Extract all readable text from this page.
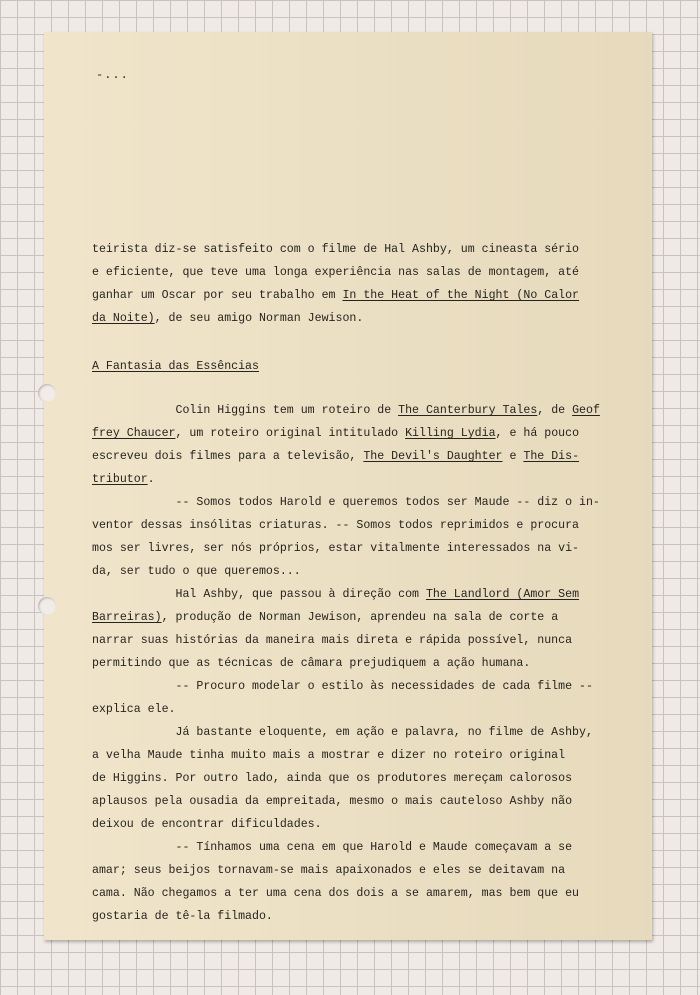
-...
teirista diz-se satisfeito com o filme de Hal Ashby, um cineasta sério
e eficiente, que teve uma longa experiência nas salas de montagem, até
ganhar um Oscar por seu trabalho em In the Heat of the Night (No Calor
da Noite), de seu amigo Norman Jewison.
A Fantasia das Essências
Colin Higgins tem um roteiro de The Canterbury Tales, de Geof
frey Chaucer, um roteiro original intitulado Killing Lydia, e há pouco
escreveu dois filmes para a televisão, The Devil's Daughter e The Dis-
tributor.
-- Somos todos Harold e queremos todos ser Maude -- diz o in-
ventor dessas insólitas criaturas. -- Somos todos reprimidos e procura
mos ser livres, ser nós próprios, estar vitalmente interessados na vi-
da, ser tudo o que queremos...
Hal Ashby, que passou à direção com The Landlord (Amor Sem
Barreiras), produção de Norman Jewison, aprendeu na sala de corte a
narrar suas histórias da maneira mais direta e rápida possível, nunca
permitindo que as técnicas de câmara prejudiquem a ação humana.
-- Procuro modelar o estilo às necessidades de cada filme --
explica ele.
Já bastante eloquente, em ação e palavra, no filme de Ashby,
a velha Maude tinha muito mais a mostrar e dizer no roteiro original
de Higgins. Por outro lado, ainda que os produtores mereçam calorosos
aplausos pela ousadia da empreitada, mesmo o mais cauteloso Ashby não
deixou de encontrar dificuldades.
-- Tínhamos uma cena em que Harold e Maude começavam a se
amar; seus beijos tornavam-se mais apaixonados e eles se deitavam na
cama. Não chegamos a ter uma cena dos dois a se amarem, mas bem que eu
gostaria de tê-la filmado.
